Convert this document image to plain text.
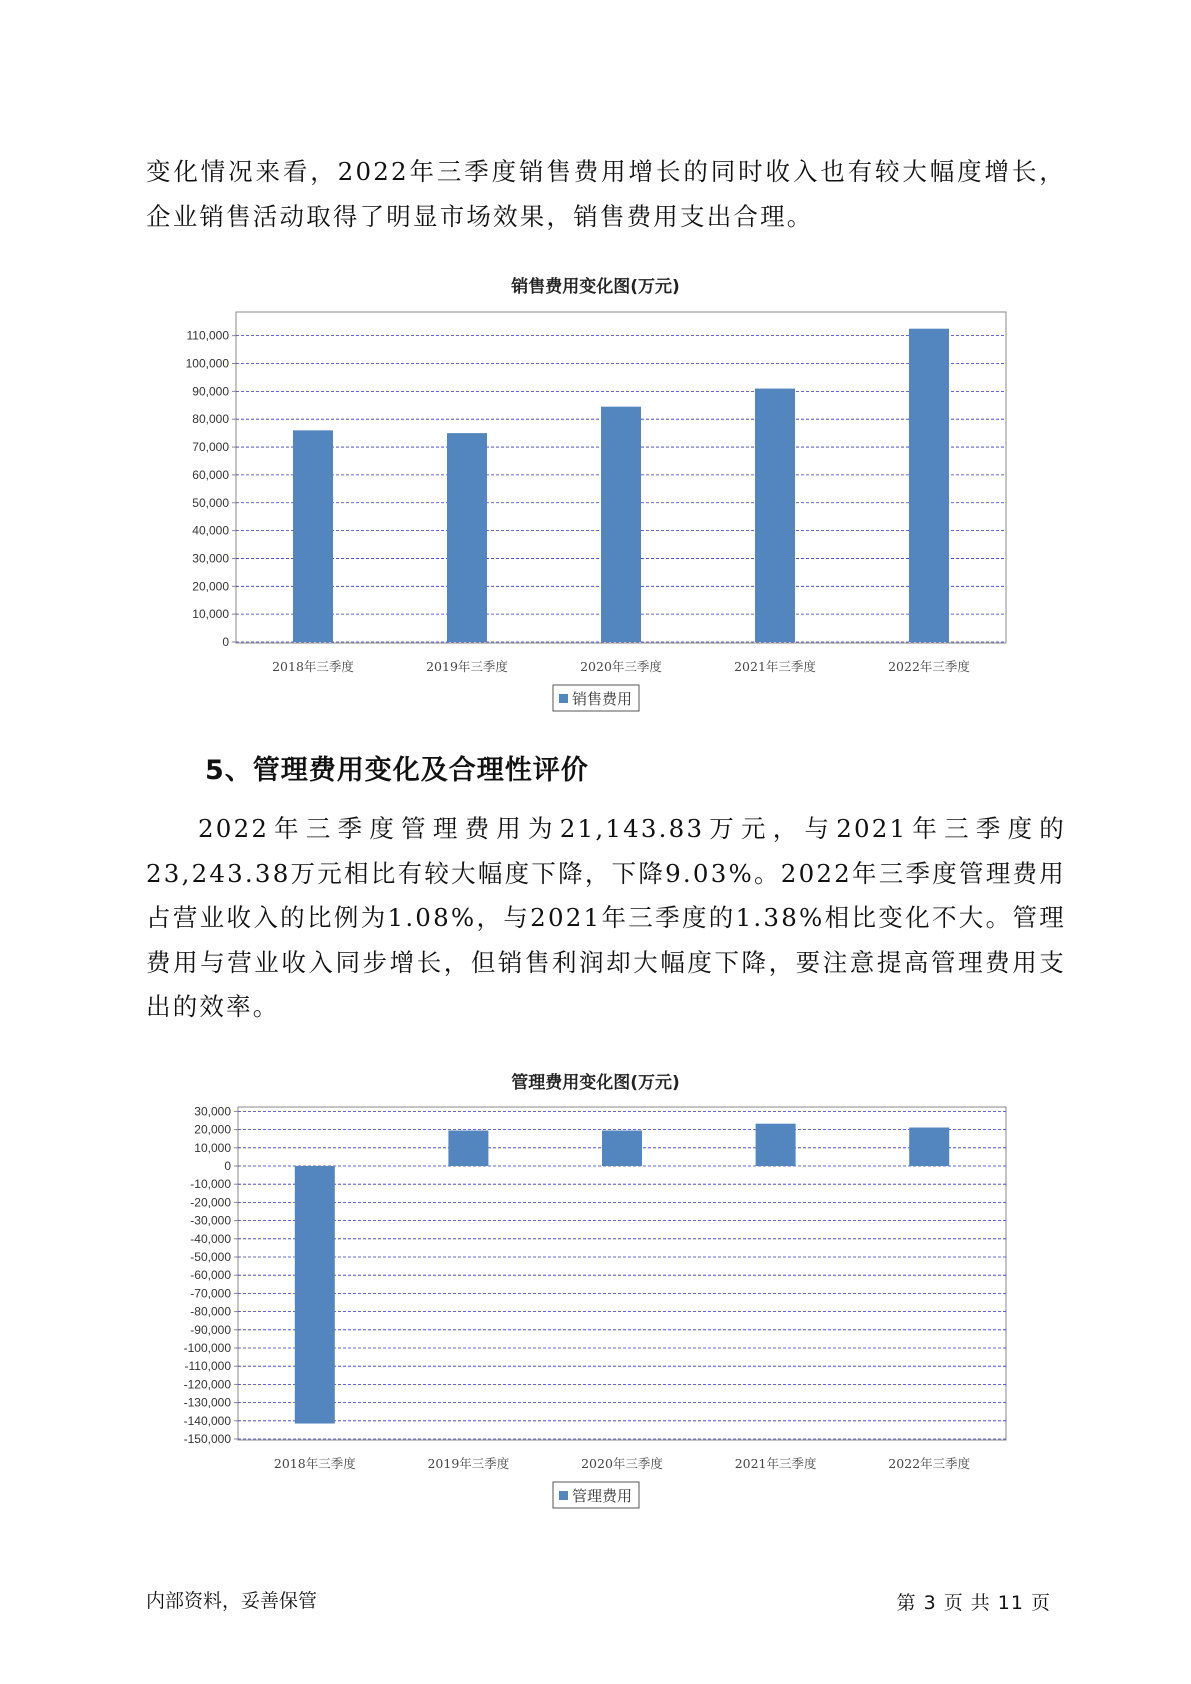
变化情况来看，2022年三季度销售费用增长的同时收入也有较大幅度增长，企业销售活动取得了明显市场效果，销售费用支出合理。

销售费用变化图(万元)

0
10,000
20,000
30,000
40,000
50,000
60,000
70,000
80,000
90,000
100,000
110,000
2018年三季度	2019年三季度	2020年三季度	2021年三季度	2022年三季度
销售费用
5、管理费用变化及合理性评价

2022年三季度管理费用为21,143.83万元，与2021年三季度的23,243.38万元相比有较大幅度下降，下降9.03%。2022年三季度管理费用占营业收入的比例为1.08%，与2021年三季度的1.38%相比变化不大。管理费用与营业收入同步增长，但销售利润却大幅度下降，要注意提高管理费用支出的效率。

管理费用变化图(万元)

30,000
20,000
10,000
0
-10,000
-20,000
-30,000
-40,000
-50,000
-60,000
-70,000
-80,000
-90,000
-100,000
-110,000
-120,000
-130,000
-140,000
-150,000
2018年三季度	2019年三季度	2020年三季度	2021年三季度	2022年三季度
管理费用

内部资料，妥善保管	第 3 页 共 11 页
